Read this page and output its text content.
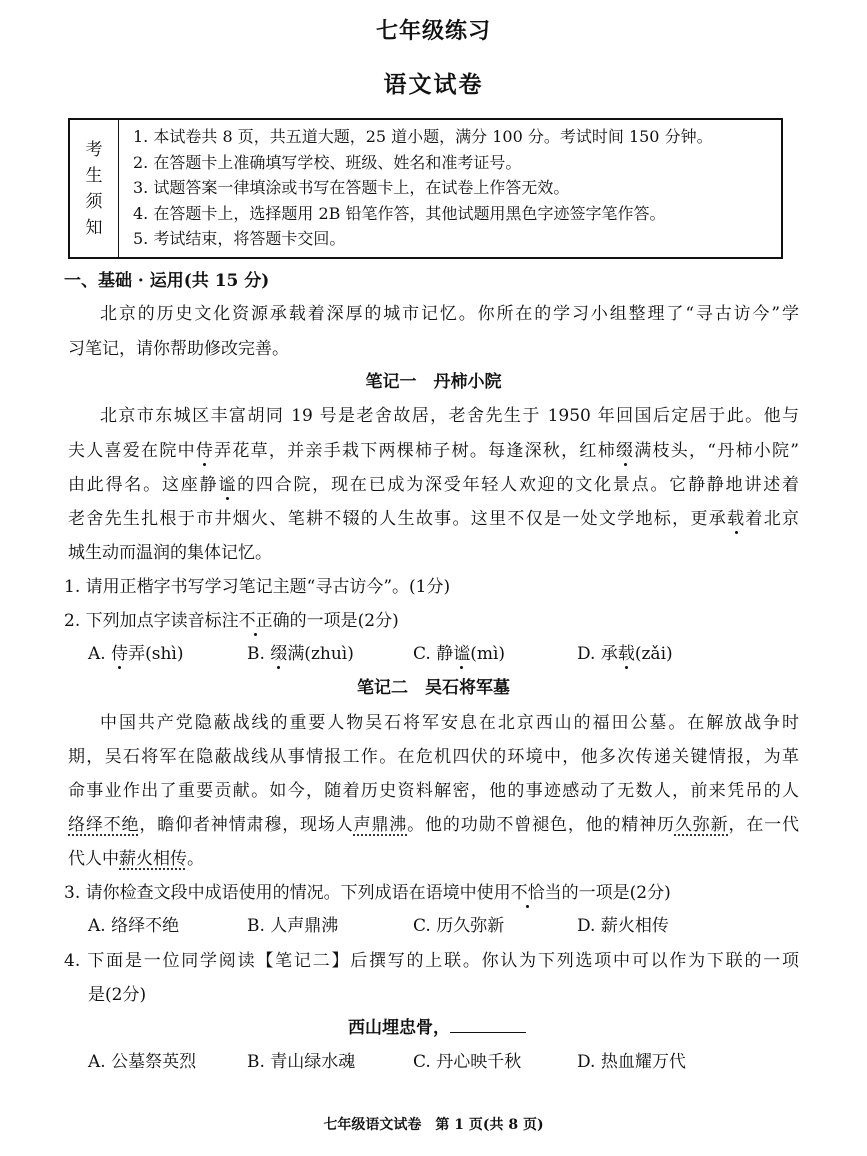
七年级练习
语文试卷
考
生
须
知
1. 本试卷共 8 页，共五道大题，25 道小题，满分 100 分。考试时间 150 分钟。
2. 在答题卡上准确填写学校、班级、姓名和准考证号。
3. 试题答案一律填涂或书写在答题卡上，在试卷上作答无效。
4. 在答题卡上，选择题用 2B 铅笔作答，其他试题用黑色字迹签字笔作答。
5. 考试结束，将答题卡交回。
一、基础 · 运用(共 15 分)
北京的历史文化资源承载着深厚的城市记忆。你所在的学习小组整理了“寻古访今”学
习笔记，请你帮助修改完善。
笔记一　丹柿小院
北京市东城区丰富胡同 19 号是老舍故居，老舍先生于 1950 年回国后定居于此。他与
夫人喜爱在院中侍弄花草，并亲手栽下两棵柿子树。每逢深秋，红柿缀满枝头，“丹柿小院”
由此得名。这座静谧的四合院，现在已成为深受年轻人欢迎的文化景点。它静静地讲述着
老舍先生扎根于市井烟火、笔耕不辍的人生故事。这里不仅是一处文学地标，更承载着北京
城生动而温润的集体记忆。
1. 请用正楷字书写学习笔记主题“寻古访今”。(1分)
2. 下列加点字读音标注不正确的一项是(2分)
A. 侍弄(shì)	B. 缀满(zhuì)	C. 静谧(mì)	D. 承载(zǎi)
笔记二　吴石将军墓
中国共产党隐蔽战线的重要人物吴石将军安息在北京西山的福田公墓。在解放战争时
期，吴石将军在隐蔽战线从事情报工作。在危机四伏的环境中，他多次传递关键情报，为革
命事业作出了重要贡献。如今，随着历史资料解密，他的事迹感动了无数人，前来凭吊的人
络绎不绝，瞻仰者神情肃穆，现场人声鼎沸。他的功勋不曾褪色，他的精神历久弥新，在一代
代人中薪火相传。
3. 请你检查文段中成语使用的情况。下列成语在语境中使用不恰当的一项是(2分)
A. 络绎不绝	B. 人声鼎沸	C. 历久弥新	D. 薪火相传
4. 下面是一位同学阅读【笔记二】后撰写的上联。你认为下列选项中可以作为下联的一项
是(2分)
西山埋忠骨，
A. 公墓祭英烈	B. 青山绿水魂	C. 丹心映千秋	D. 热血耀万代
七年级语文试卷　第 1 页(共 8 页)
